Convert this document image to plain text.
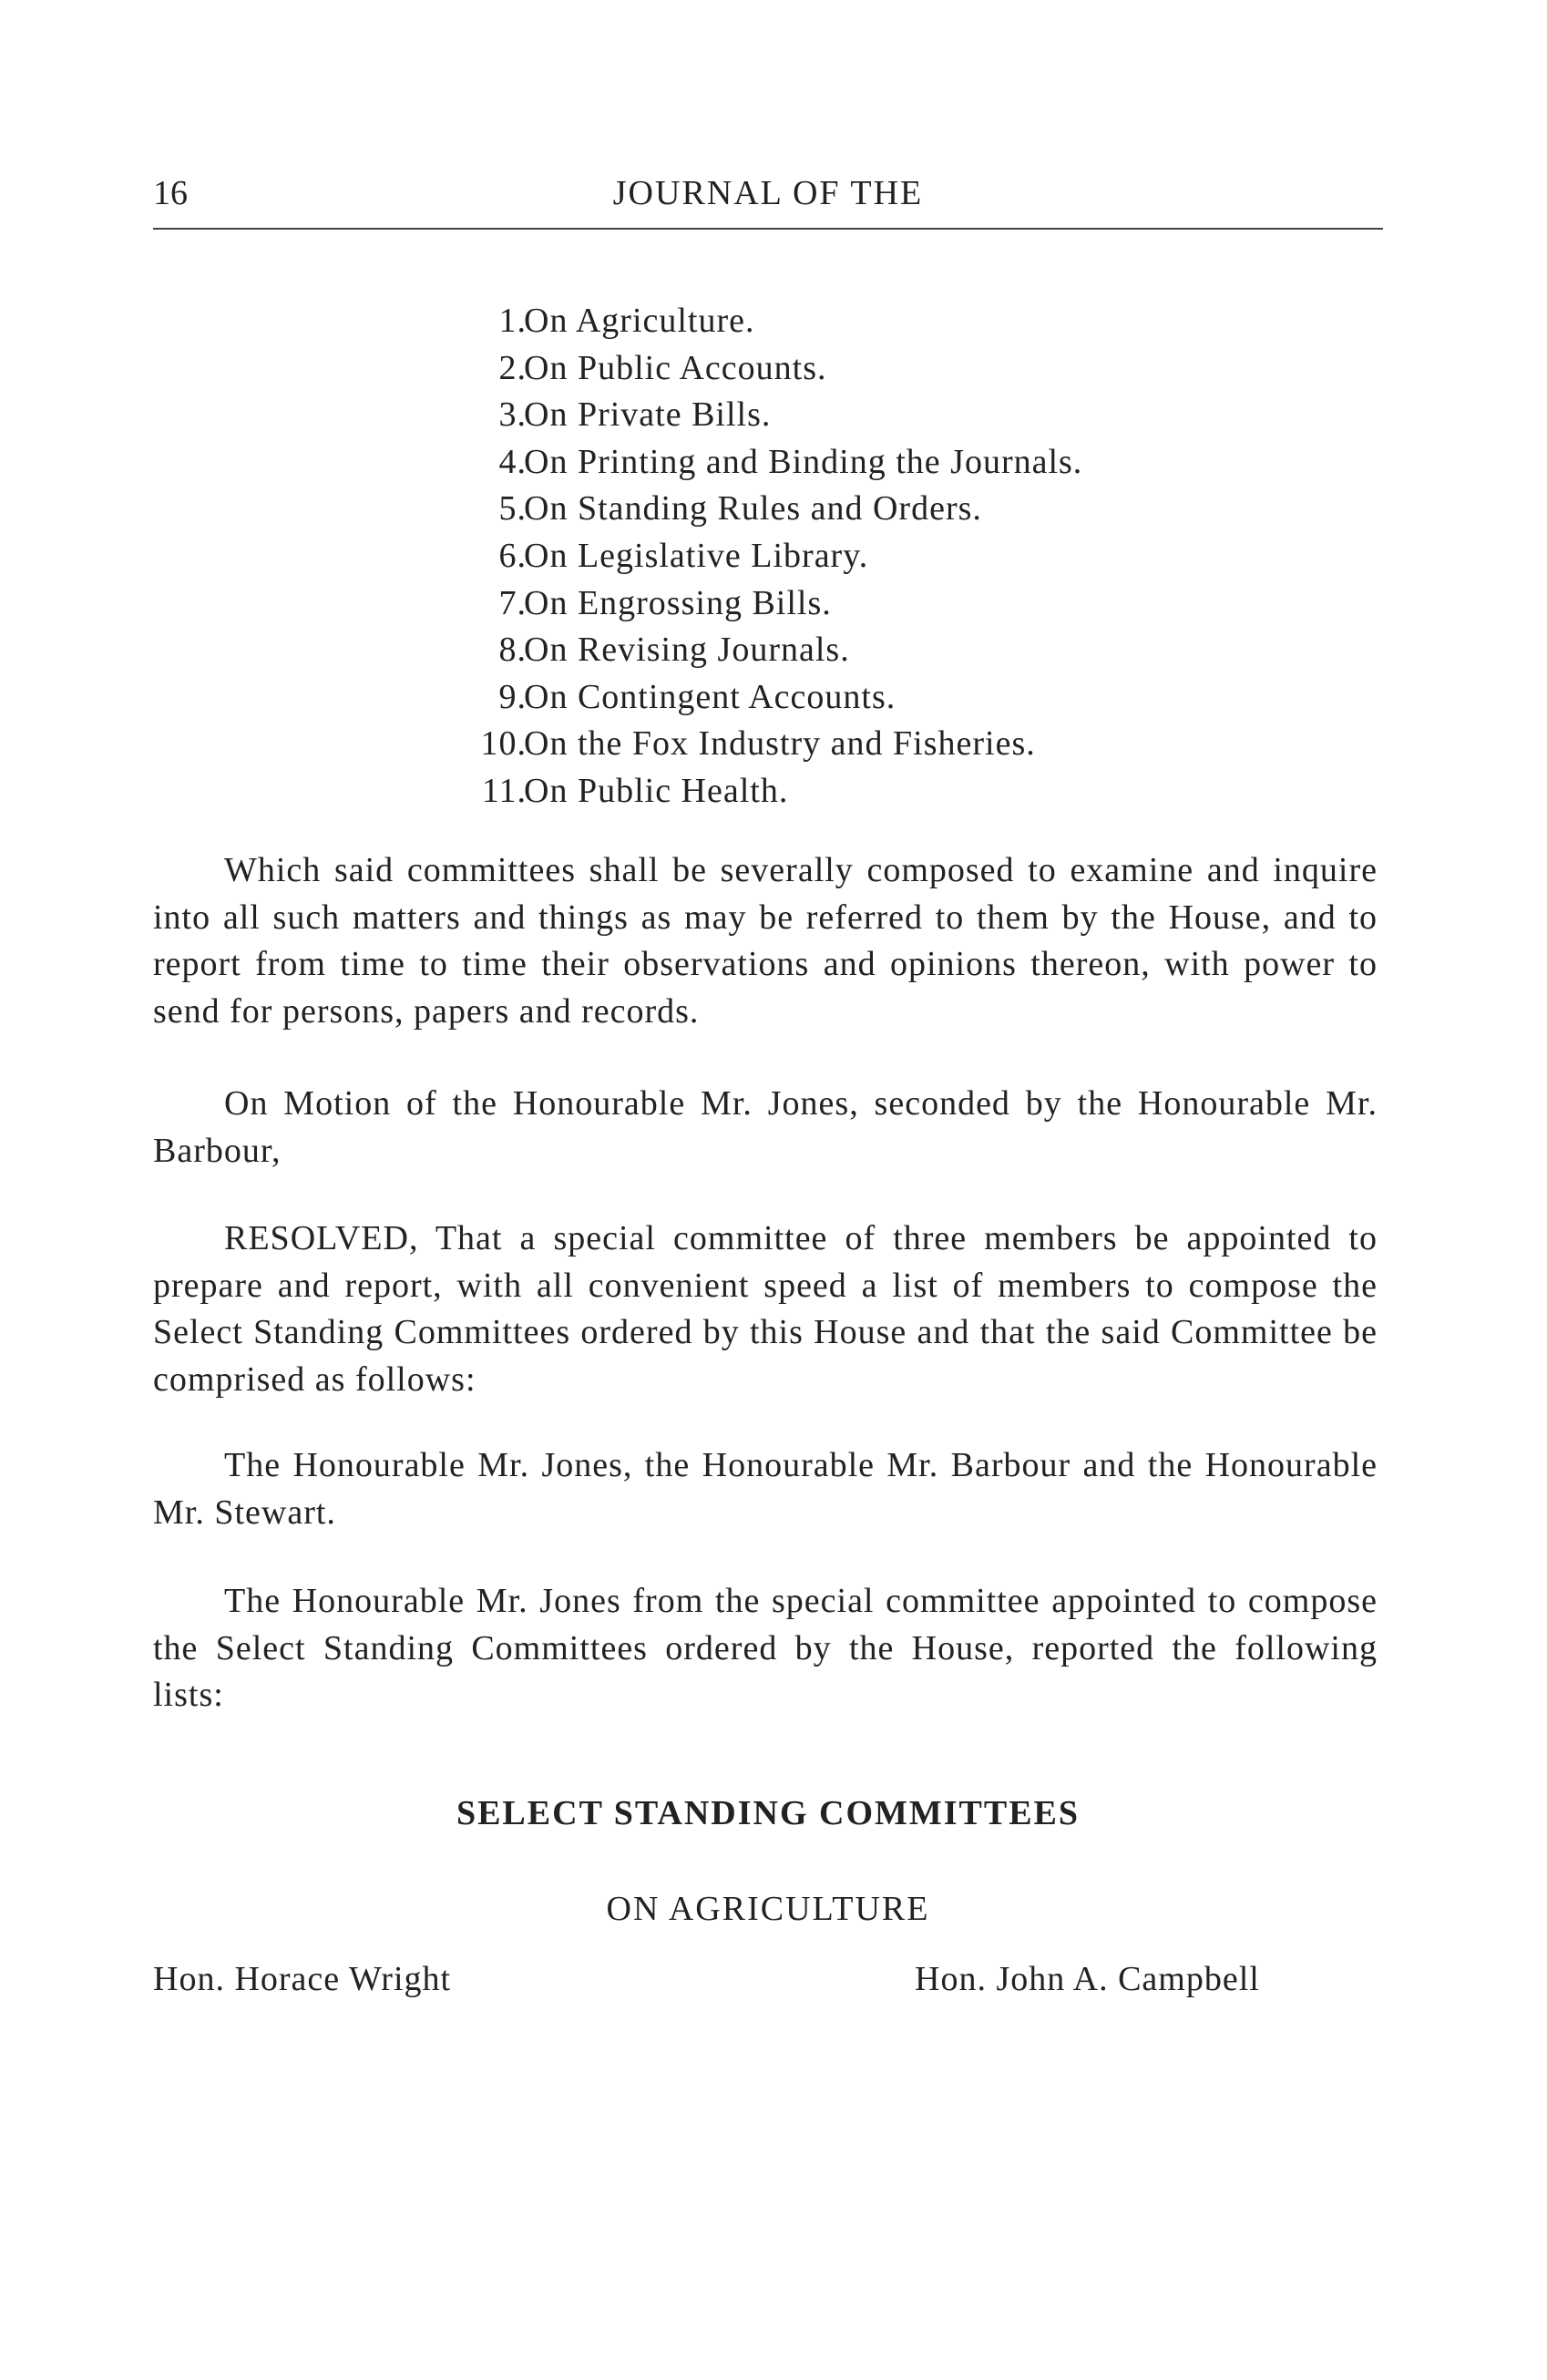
16	JOURNAL OF THE
1.
On Agriculture.
2.
On Public Accounts.
3.
On Private Bills.
4.
On Printing and Binding the Journals.
5.
On Standing Rules and Orders.
6.
On Legislative Library.
7.
On Engrossing Bills.
8.
On Revising Journals.
9.
On Contingent Accounts.
10.
On the Fox Industry and Fisheries.
11.
On Public Health.

Which said committees shall be severally composed to examine and inquire into all such matters and things as may be referred to them by the House, and to report from time to time their observations and opinions thereon, with power to send for persons, papers and records.

On Motion of the Honourable Mr. Jones, seconded by the Honourable Mr. Barbour,

RESOLVED, That a special committee of three members be appointed to prepare and report, with all convenient speed a list of members to compose the Select Standing Committees ordered by this House and that the said Committee be comprised as follows:

The Honourable Mr. Jones, the Honourable Mr. Barbour and the Honourable Mr. Stewart.

The Honourable Mr. Jones from the special committee appointed to compose the Select Standing Committees ordered by the House, reported the following lists:

SELECT STANDING COMMITTEES
ON AGRICULTURE
Hon. Horace Wright	Hon. John A. Campbell
